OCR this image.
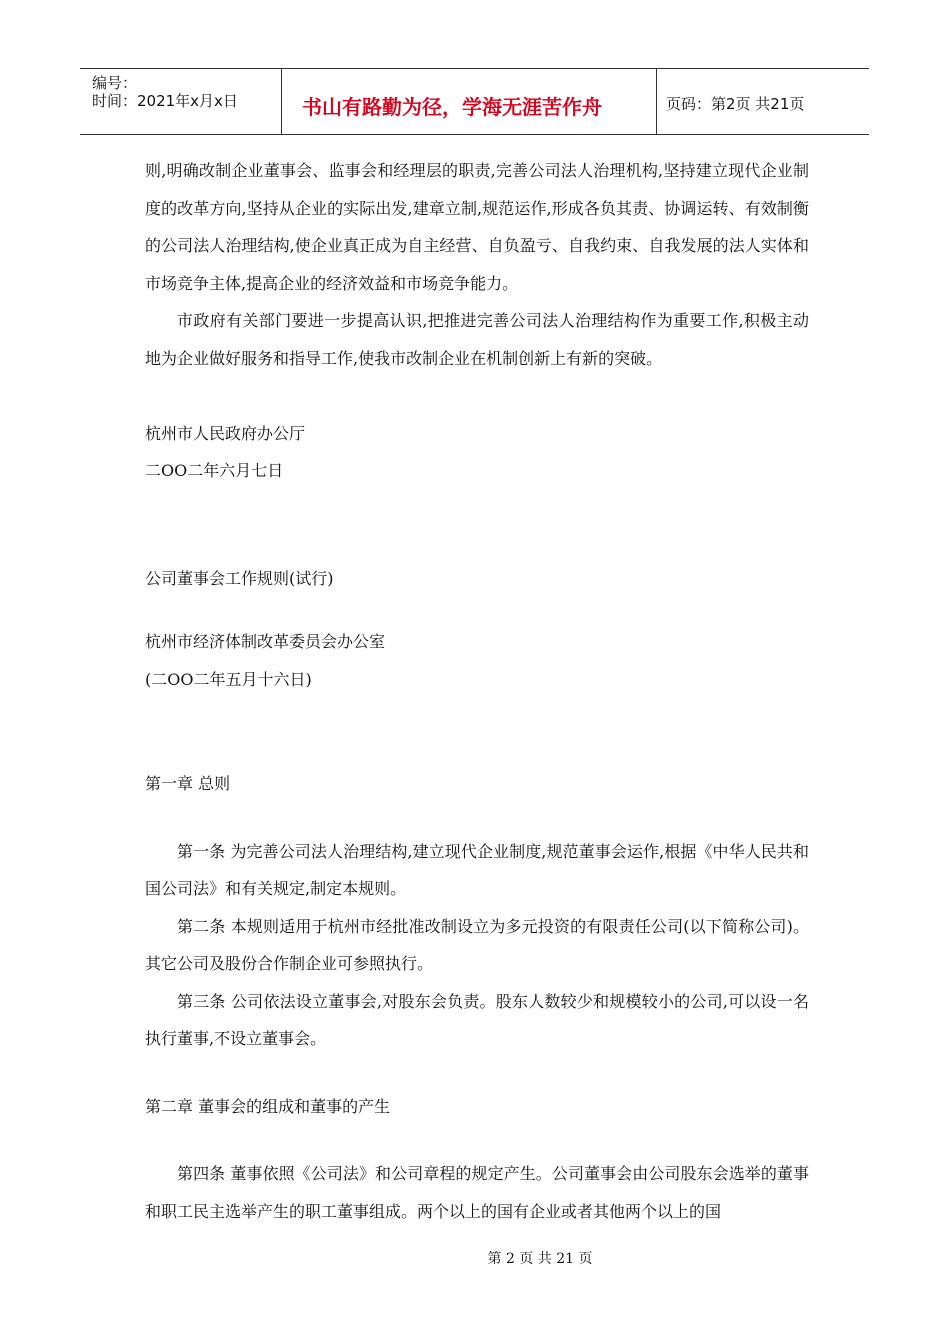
编号：
时间：2021年x月x日	书山有路勤为径，学海无涯苦作舟	页码：第2页 共21页

则,明确改制企业董事会、监事会和经理层的职责,完善公司法人治理机构,坚持建立现代企业制度的改革方向,坚持从企业的实际出发,建章立制,规范运作,形成各负其责、协调运转、有效制衡的公司法人治理结构,使企业真正成为自主经营、自负盈亏、自我约束、自我发展的法人实体和市场竞争主体,提高企业的经济效益和市场竞争能力。

市政府有关部门要进一步提高认识,把推进完善公司法人治理结构作为重要工作,积极主动地为企业做好服务和指导工作,使我市改制企业在机制创新上有新的突破。

杭州市人民政府办公厅

二OO二年六月七日

公司董事会工作规则(试行)

杭州市经济体制改革委员会办公室

(二OO二年五月十六日)

第一章 总则

第一条 为完善公司法人治理结构,建立现代企业制度,规范董事会运作,根据《中华人民共和国公司法》和有关规定,制定本规则。

第二条 本规则适用于杭州市经批准改制设立为多元投资的有限责任公司(以下简称公司)。其它公司及股份合作制企业可参照执行。

第三条 公司依法设立董事会,对股东会负责。股东人数较少和规模较小的公司,可以设一名执行董事,不设立董事会。

第二章 董事会的组成和董事的产生

第四条 董事依照《公司法》和公司章程的规定产生。公司董事会由公司股东会选举的董事和职工民主选举产生的职工董事组成。两个以上的国有企业或者其他两个以上的国

第 2 页 共 21 页
